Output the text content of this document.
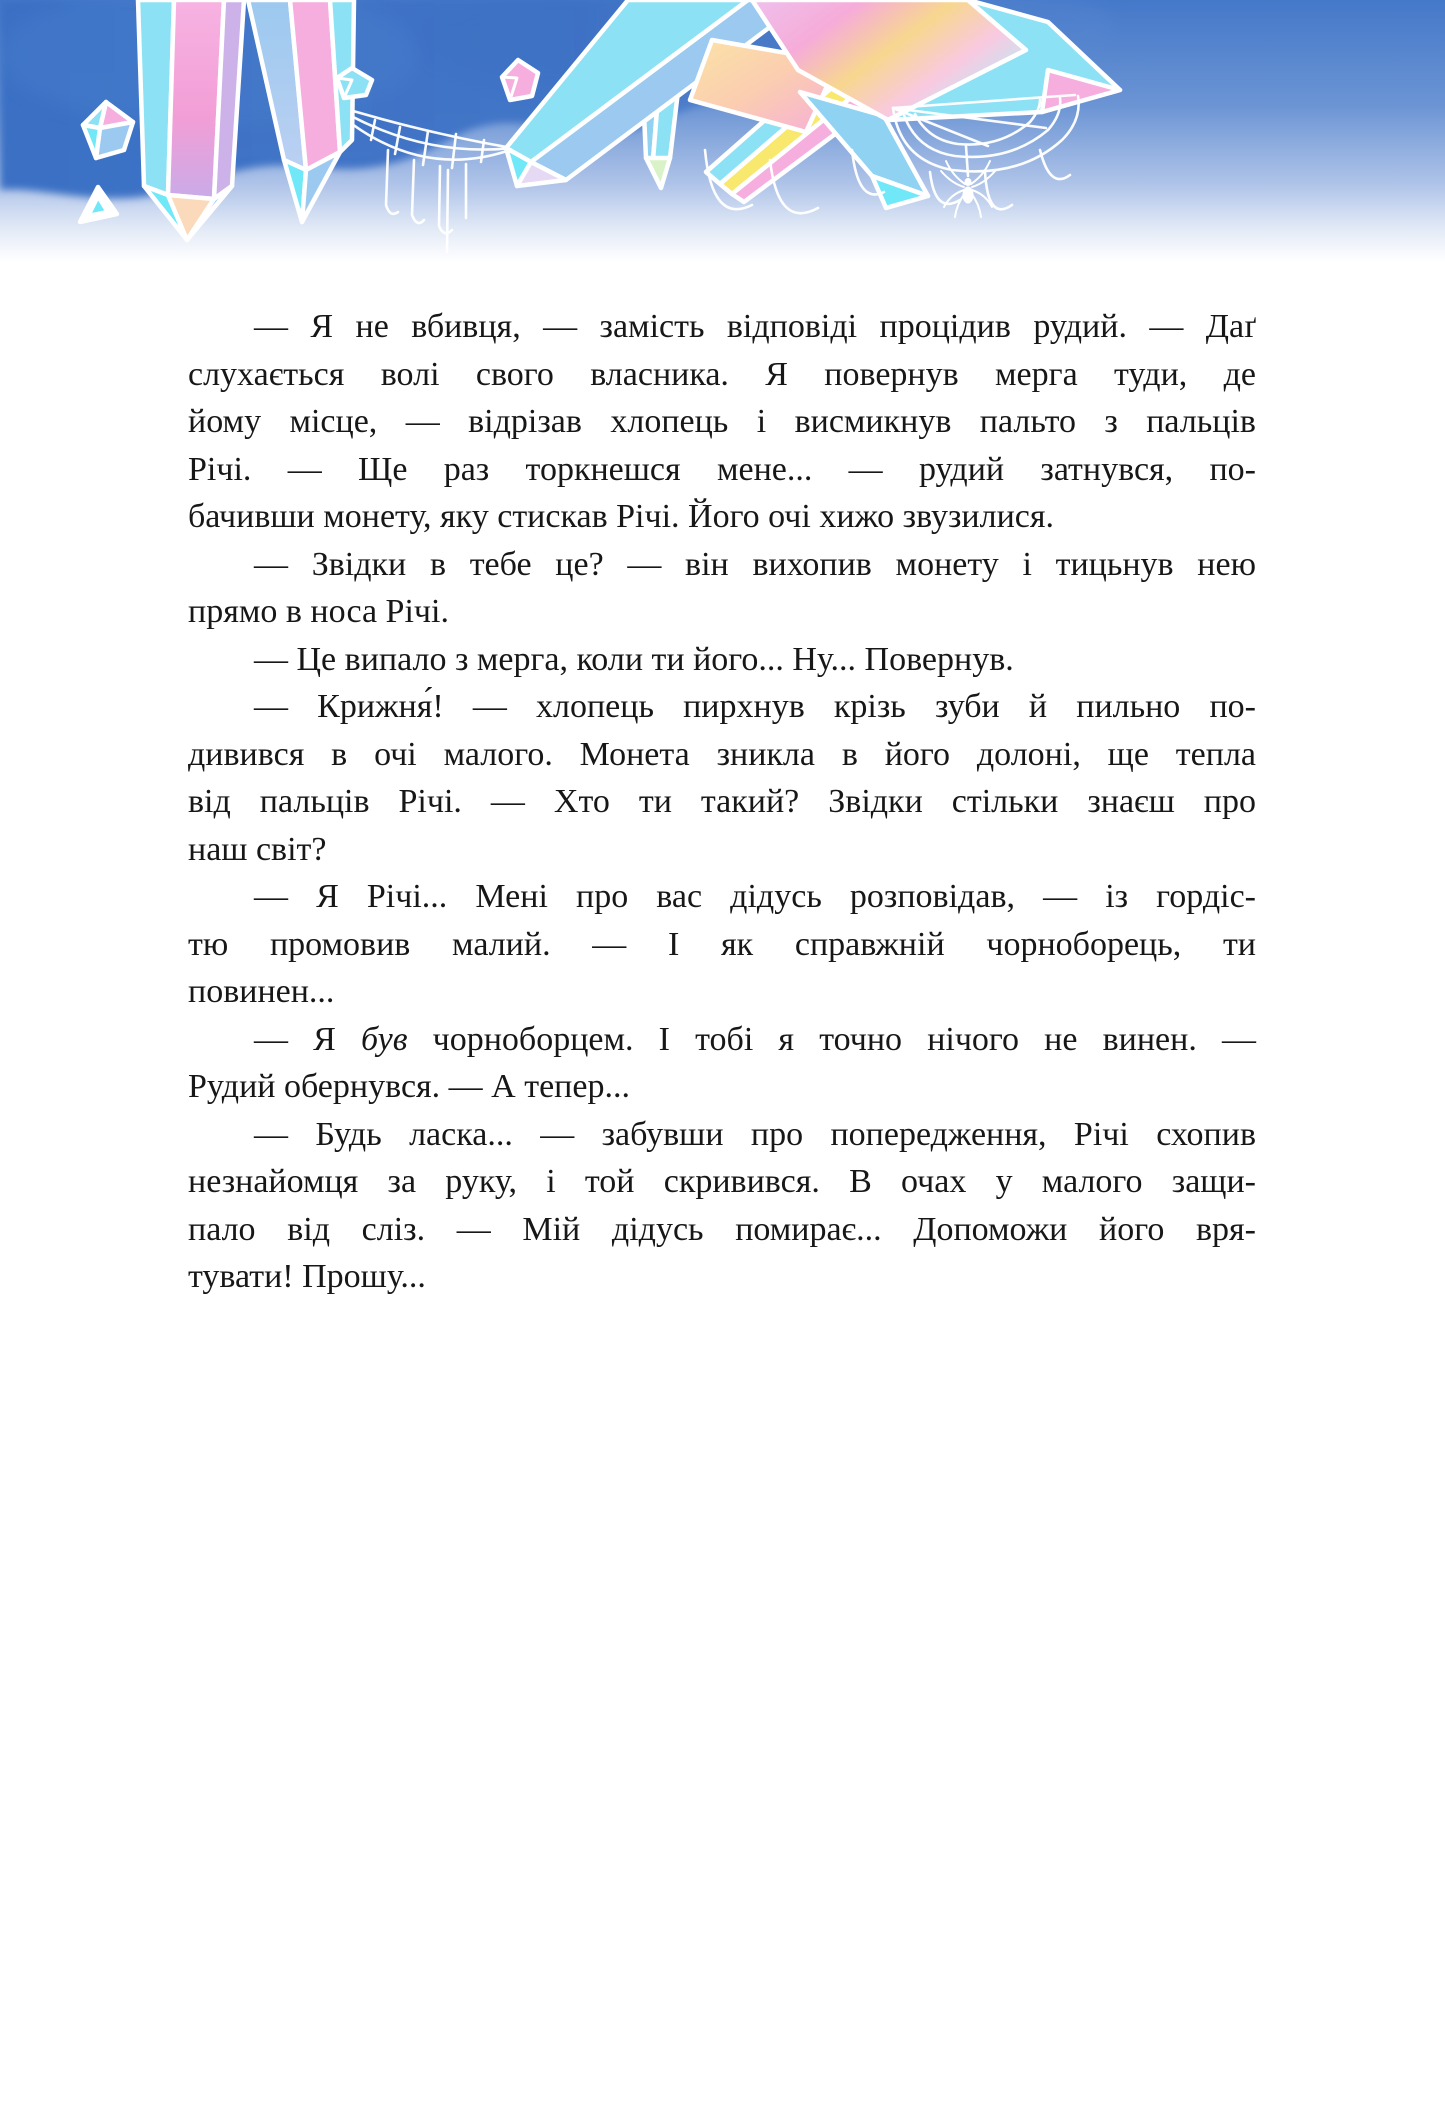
— Я не вбивця, — замість відповіді процідив рудий. — Даґ
слухається волі свого власника. Я повернув мерга туди, де
йому місце, — відрізав хлопець і висмикнув пальто з пальців
Річі. — Ще раз торкнешся мене... — рудий затнувся, по-
бачивши монету, яку стискав Річі. Його очі хижо звузилися.
— Звідки в тебе це? — він вихопив монету і тицьнув нею
прямо в носа Річі.
— Це випало з мерга, коли ти його... Ну... Повернув.
— Крижня́! — хлопець пирхнув крізь зуби й пильно по-
дивився в очі малого. Монета зникла в його долоні, ще тепла
від пальців Річі. — Хто ти такий? Звідки стільки знаєш про
наш світ?
— Я Річі... Мені про вас дідусь розповідав, — із гордіс-
тю промовив малий. — І як справжній чорноборець, ти
повинен...
— Я був чорноборцем. І тобі я точно нічого не винен. —
Рудий обернувся. — А тепер...
— Будь ласка... — забувши про попередження, Річі схопив
незнайомця за руку, і той скривився. В очах у малого защи-
пало від сліз. — Мій дідусь помирає... Допоможи його вря-
тувати! Прошу...
